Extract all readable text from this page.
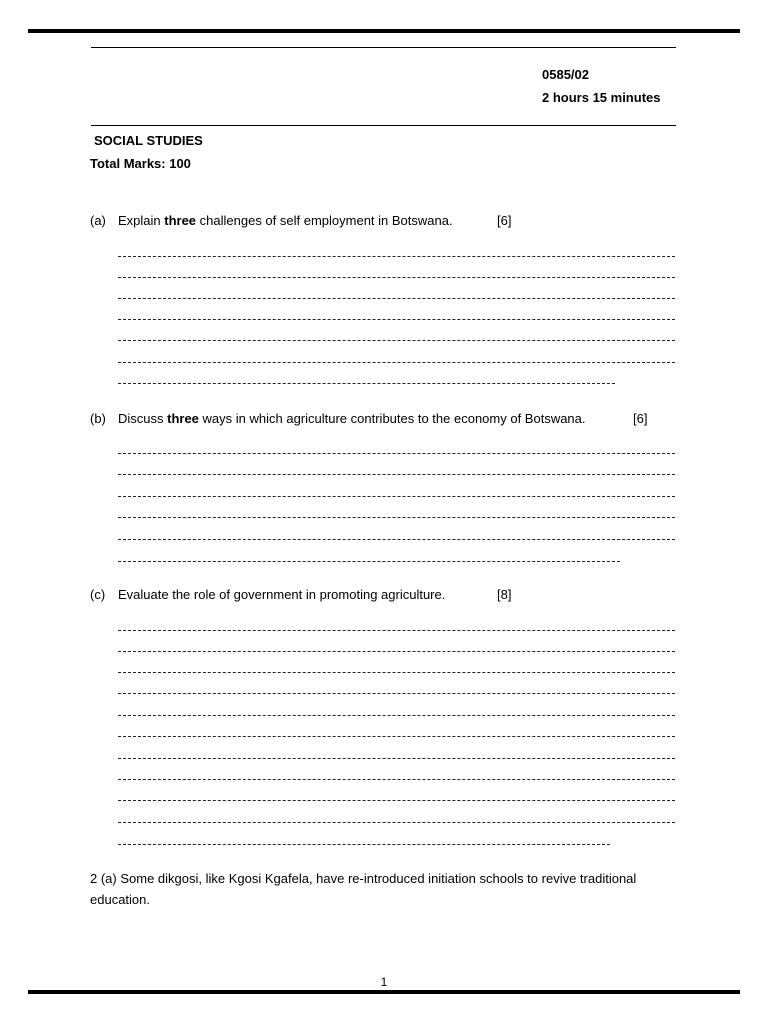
0585/02
2 hours 15 minutes
SOCIAL STUDIES
Total Marks: 100
(a) Explain three challenges of self employment in Botswana.	[6]
(b) Discuss three ways in which agriculture contributes to the economy of Botswana.	[6]
(c) Evaluate the role of government in promoting agriculture.	[8]
2 (a) Some dikgosi, like Kgosi Kgafela, have re-introduced initiation schools to revive traditional
education.
1
